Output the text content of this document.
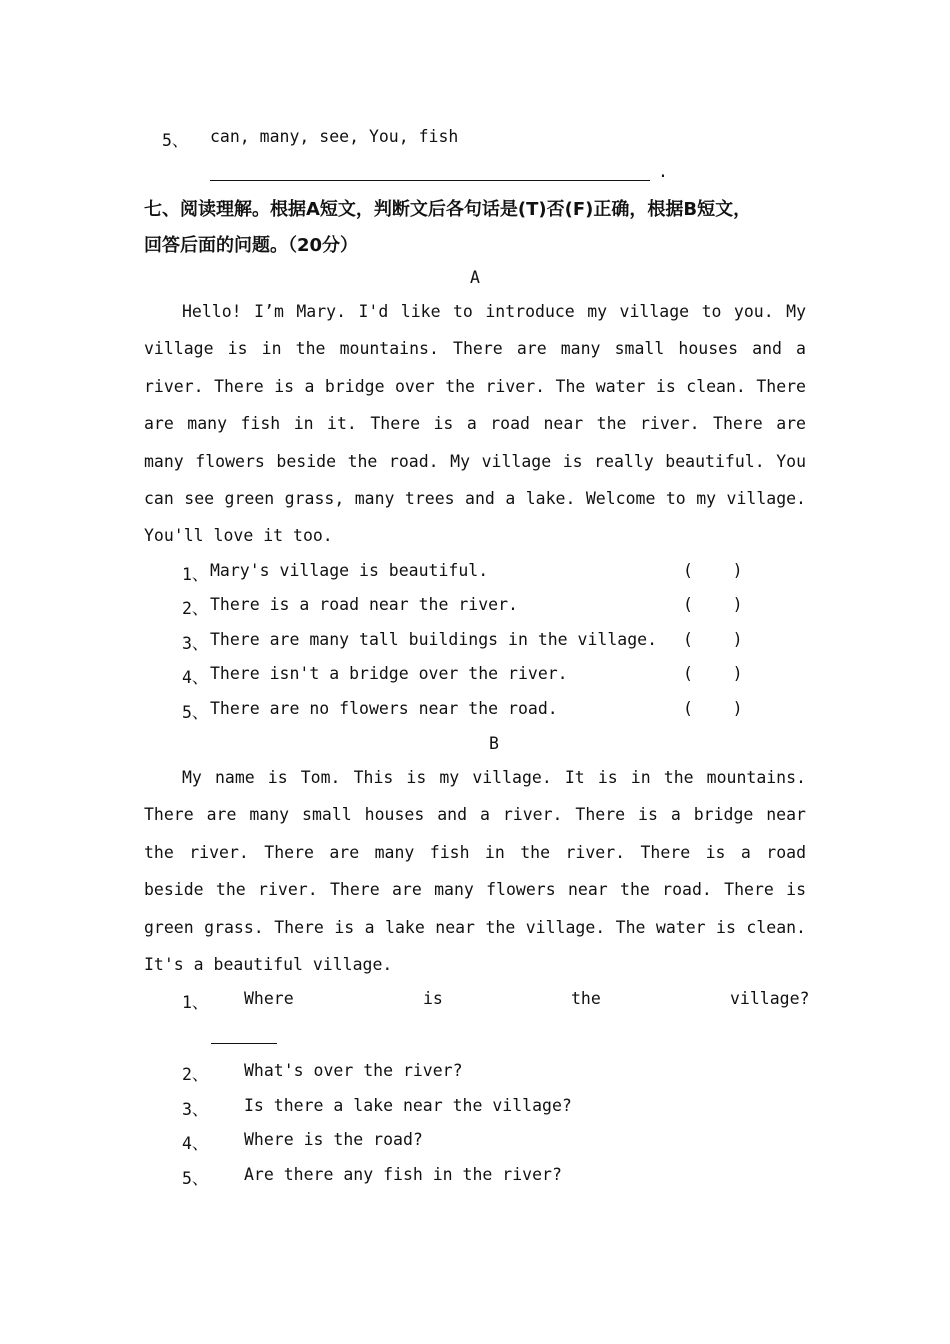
5、 can, many, see, You, fish
.
七、阅读理解。根据A短文，判断文后各句话是(T)否(F)正确，根据B短文，
回答后面的问题。（20分）
A
Hello! I’m Mary. I'd like to introduce my village to you. My village is in the mountains. There are many small houses and a river. There is a bridge over the river. The water is clean. There are many fish in it. There is a road near the river. There are many flowers beside the road. My village is really beautiful. You can see green grass, many trees and a lake. Welcome to my village. You'll love it too.
1、 Mary's village is beautiful.	(    )
2、 There is a road near the river.	(    )
3、 There are many tall buildings in the village. (    )
4、 There isn't a bridge over the river.	(    )
5、 There are no flowers near the road.	(    )
B
My name is Tom. This is my village. It is in the mountains. There are many small houses and a river. There is a bridge near the river. There are many fish in the river. There is a road beside the river. There are many flowers near the road. There is green grass. There is a lake near the village. The water is clean. It's a beautiful village.
1、 Where	is	the	village?
2、 What's over the river?
3、 Is there a lake near the village?
4、 Where is the road?
5、 Are there any fish in the river?
